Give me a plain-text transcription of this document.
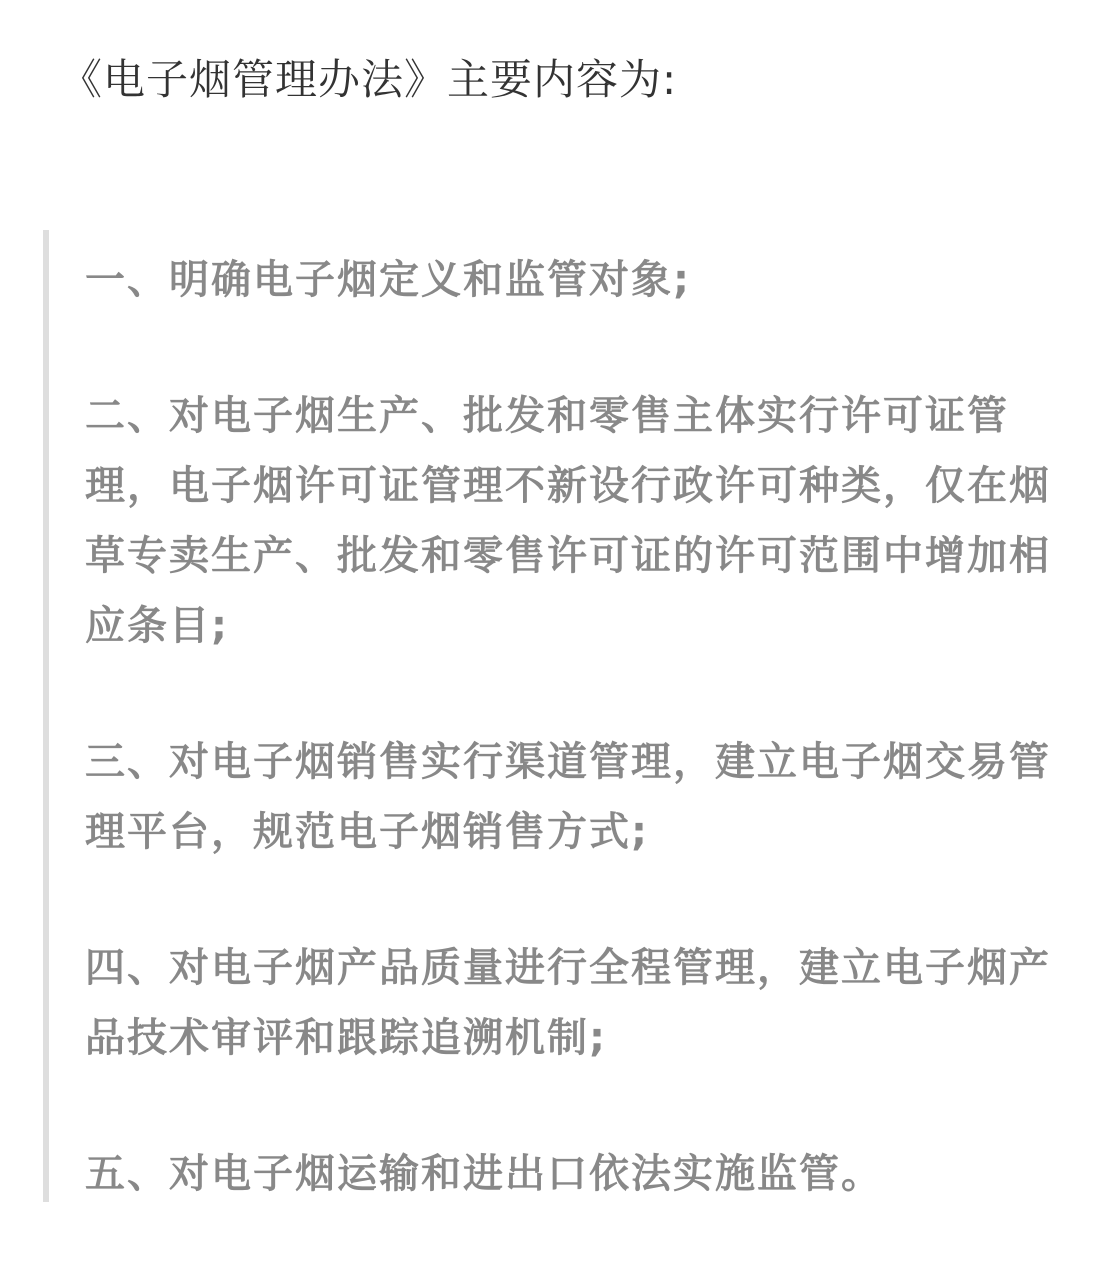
《电子烟管理办法》主要内容为:

一、明确电子烟定义和监管对象;

二、对电子烟生产、批发和零售主体实行许可证管理，电子烟许可证管理不新设行政许可种类，仅在烟草专卖生产、批发和零售许可证的许可范围中增加相应条目;

三、对电子烟销售实行渠道管理，建立电子烟交易管理平台，规范电子烟销售方式;

四、对电子烟产品质量进行全程管理，建立电子烟产品技术审评和跟踪追溯机制;

五、对电子烟运输和进出口依法实施监管。
